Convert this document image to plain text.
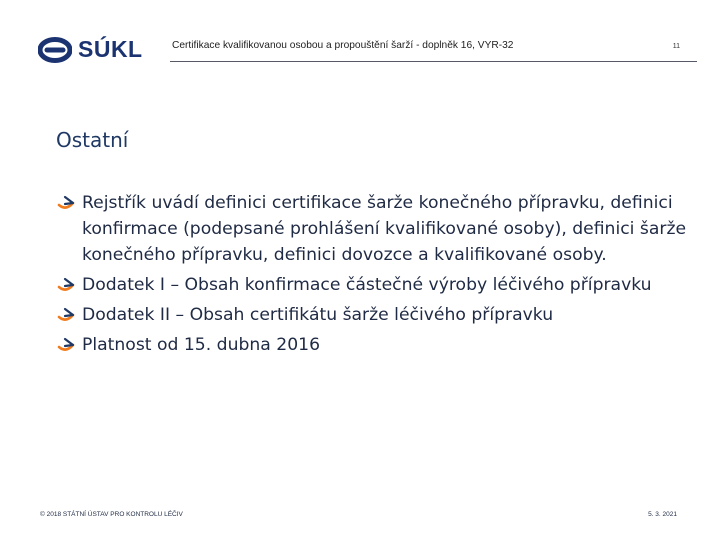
SÚKL	Certifikace kvalifikovanou osobou a propouštění šarží - doplněk 16, VYR-32	11
Ostatní
Rejstřík uvádí definici certifikace šarže konečného přípravku, definici konfirmace (podepsané prohlášení kvalifikované osoby), definici šarže konečného přípravku, definici dovozce a kvalifikované osoby.
Dodatek I – Obsah konfirmace částečné výroby léčivého přípravku
Dodatek II – Obsah certifikátu šarže léčivého přípravku
Platnost od 15. dubna 2016
© 2018 STÁTNÍ ÚSTAV PRO KONTROLU LÉČIV	5. 3. 2021
